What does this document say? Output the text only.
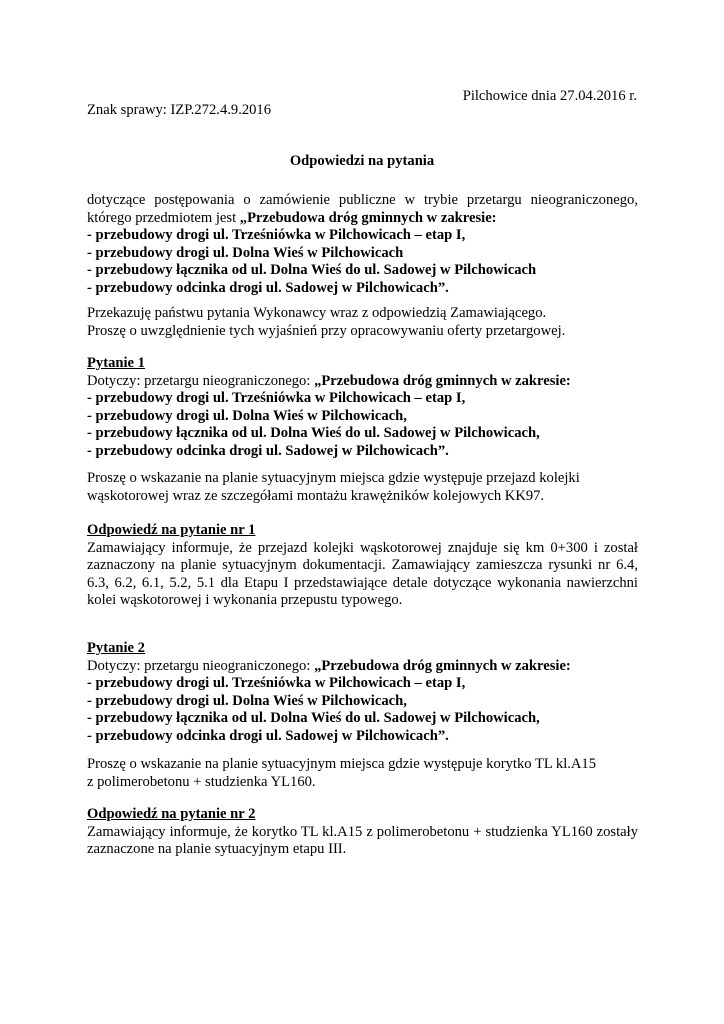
Pilchowice dnia 27.04.2016 r.
Znak sprawy: IZP.272.4.9.2016
Odpowiedzi na pytania

dotyczące postępowania o zamówienie publiczne w trybie przetargu nieograniczonego,

którego przedmiotem jest „Przebudowa dróg gminnych w zakresie:

- przebudowy drogi ul. Trześniówka w Pilchowicach – etap I,

- przebudowy drogi ul. Dolna Wieś w Pilchowicach

- przebudowy łącznika od ul. Dolna Wieś do ul. Sadowej w Pilchowicach

- przebudowy odcinka drogi ul. Sadowej w Pilchowicach”.

Przekazuję państwu pytania Wykonawcy wraz z odpowiedzią Zamawiającego.

Proszę o uwzględnienie tych wyjaśnień przy opracowywaniu oferty przetargowej.

Pytanie 1

Dotyczy: przetargu nieograniczonego: „Przebudowa dróg gminnych w zakresie:

- przebudowy drogi ul. Trześniówka w Pilchowicach – etap I,

- przebudowy drogi ul. Dolna Wieś w Pilchowicach,

- przebudowy łącznika od ul. Dolna Wieś do ul. Sadowej w Pilchowicach,

- przebudowy odcinka drogi ul. Sadowej w Pilchowicach”.

Proszę o wskazanie na planie sytuacyjnym miejsca gdzie występuje przejazd kolejki

wąskotorowej wraz ze szczegółami montażu krawężników kolejowych KK97.

Odpowiedź na pytanie nr 1

Zamawiający informuje, że przejazd kolejki wąskotorowej znajduje się km 0+300 i został

zaznaczony na planie sytuacyjnym dokumentacji. Zamawiający zamieszcza rysunki nr 6.4,

6.3, 6.2, 6.1, 5.2, 5.1 dla Etapu I przedstawiające detale dotyczące wykonania nawierzchni

kolei wąskotorowej i wykonania przepustu typowego.

Pytanie 2

Dotyczy: przetargu nieograniczonego: „Przebudowa dróg gminnych w zakresie:

- przebudowy drogi ul. Trześniówka w Pilchowicach – etap I,

- przebudowy drogi ul. Dolna Wieś w Pilchowicach,

- przebudowy łącznika od ul. Dolna Wieś do ul. Sadowej w Pilchowicach,

- przebudowy odcinka drogi ul. Sadowej w Pilchowicach”.

Proszę o wskazanie na planie sytuacyjnym miejsca gdzie występuje korytko TL kl.A15

z polimerobetonu + studzienka YL160.

Odpowiedź na pytanie nr 2

Zamawiający informuje, że korytko TL kl.A15 z polimerobetonu + studzienka YL160 zostały

zaznaczone na planie sytuacyjnym etapu III.
